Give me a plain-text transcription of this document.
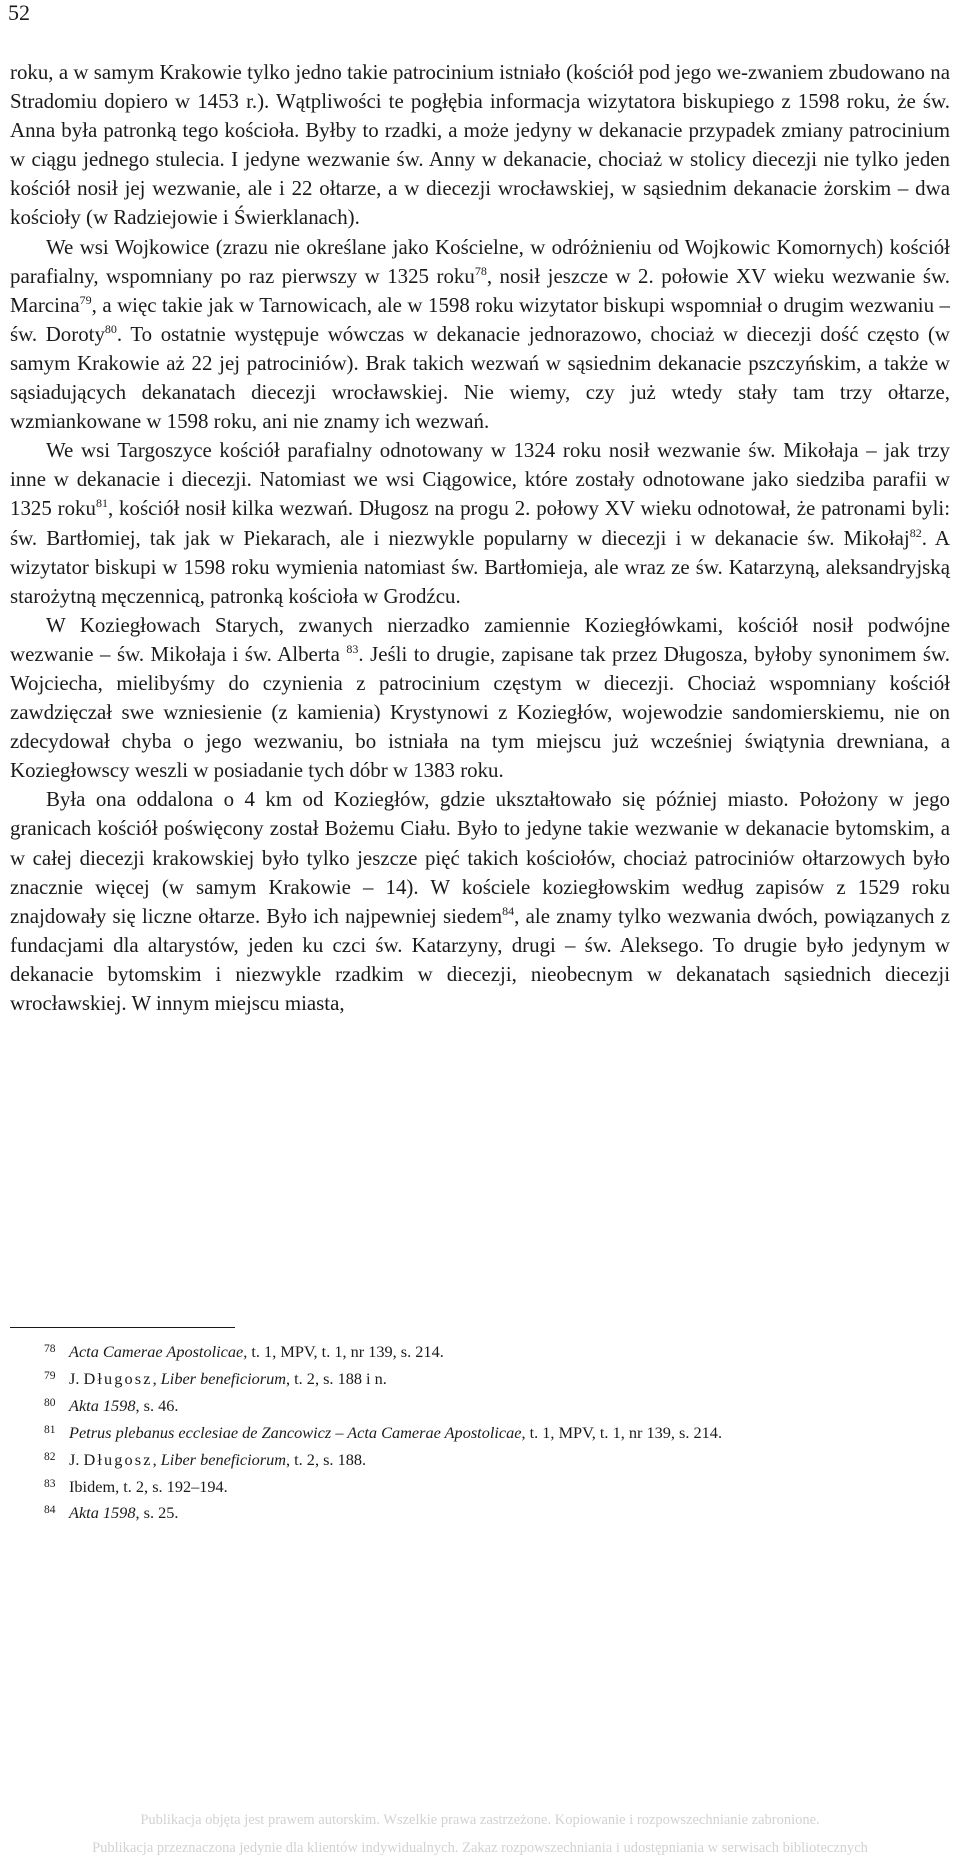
52

roku, a w samym Krakowie tylko jedno takie patrocinium istniało (kościół pod jego we-zwaniem zbudowano na Stradomiu dopiero w 1453 r.). Wątpliwości te pogłębia informacja wizytatora biskupiego z 1598 roku, że św. Anna była patronką tego kościoła. Byłby to rzadki, a może jedyny w dekanacie przypadek zmiany patrocinium w ciągu jednego stulecia. I jedyne wezwanie św. Anny w dekanacie, chociaż w stolicy diecezji nie tylko jeden kościół nosił jej wezwanie, ale i 22 ołtarze, a w diecezji wrocławskiej, w sąsiednim dekanacie żorskim – dwa kościoły (w Radziejowie i Świerklanach).

We wsi Wojkowice (zrazu nie określane jako Kościelne, w odróżnieniu od Wojkowic Komornych) kościół parafialny, wspomniany po raz pierwszy w 1325 roku$^{78}$, nosił jeszcze w 2. połowie XV wieku wezwanie św. Marcina$^{79}$, a więc takie jak w Tarnowicach, ale w 1598 roku wizytator biskupi wspomniał o drugim wezwaniu – św. Doroty$^{80}$. To ostatnie występuje wówczas w dekanacie jednorazowo, chociaż w diecezji dość często (w samym Krakowie aż 22 jej patrociniów). Brak takich wezwań w sąsiednim dekanacie pszczyńskim, a także w sąsiadujących dekanatach diecezji wrocławskiej. Nie wiemy, czy już wtedy stały tam trzy ołtarze, wzmiankowane w 1598 roku, ani nie znamy ich wezwań.

We wsi Targoszyce kościół parafialny odnotowany w 1324 roku nosił wezwanie św. Mikołaja – jak trzy inne w dekanacie i diecezji. Natomiast we wsi Ciągowice, które zostały odnotowane jako siedziba parafii w 1325 roku$^{81}$, kościół nosił kilka wezwań. Długosz na progu 2. połowy XV wieku odnotował, że patronami byli: św. Bartłomiej, tak jak w Piekarach, ale i niezwykle popularny w diecezji i w dekanacie św. Mikołaj$^{82}$. A wizytator biskupi w 1598 roku wymienia natomiast św. Bartłomieja, ale wraz ze św. Katarzyną, aleksandryjską starożytną męczennicą, patronką kościoła w Grodźcu.

W Koziegłowach Starych, zwanych nierzadko zamiennie Koziegłówkami, kościół nosił podwójne wezwanie – św. Mikołaja i św. Alberta $^{83}$. Jeśli to drugie, zapisane tak przez Długosza, byłoby synonimem św. Wojciecha, mielibyśmy do czynienia z patrocinium częstym w diecezji. Chociaż wspomniany kościół zawdzięczał swe wzniesienie (z kamienia) Krystynowi z Koziegłów, wojewodzie sandomierskiemu, nie on zdecydował chyba o jego wezwaniu, bo istniała na tym miejscu już wcześniej świątynia drewniana, a Koziegłowscy weszli w posiadanie tych dóbr w 1383 roku.

Była ona oddalona o 4 km od Koziegłów, gdzie ukształtowało się później miasto. Położony w jego granicach kościół poświęcony został Bożemu Ciału. Było to jedyne takie wezwanie w dekanacie bytomskim, a w całej diecezji krakowskiej było tylko jeszcze pięć takich kościołów, chociaż patrociniów ołtarzowych było znacznie więcej (w samym Krakowie – 14). W kościele koziegłowskim według zapisów z 1529 roku znajdowały się liczne ołtarze. Było ich najpewniej siedem$^{84}$, ale znamy tylko wezwania dwóch, powiązanych z fundacjami dla altarystów, jeden ku czci św. Katarzyny, drugi – św. Aleksego. To drugie było jedynym w dekanacie bytomskim i niezwykle rzadkim w diecezji, nieobecnym w dekanatach sąsiednich diecezji wrocławskiej. W innym miejscu miasta,

78 Acta Camerae Apostolicae, t. 1, MPV, t. 1, nr 139, s. 214.
79 J. Długosz, Liber beneficiorum, t. 2, s. 188 i n.
80 Akta 1598, s. 46.
81 Petrus plebanus ecclesiae de Zancowicz – Acta Camerae Apostolicae, t. 1, MPV, t. 1, nr 139, s. 214.
82 J. Długosz, Liber beneficiorum, t. 2, s. 188.
83 Ibidem, t. 2, s. 192–194.
84 Akta 1598, s. 25.
Publikacja objęta jest prawem autorskim. Wszelkie prawa zastrzeżone. Kopiowanie i rozpowszechnianie zabronione.
Publikacja przeznaczona jedynie dla klientów indywidualnych. Zakaz rozpowszechniania i udostępniania w serwisach bibliotecznych
